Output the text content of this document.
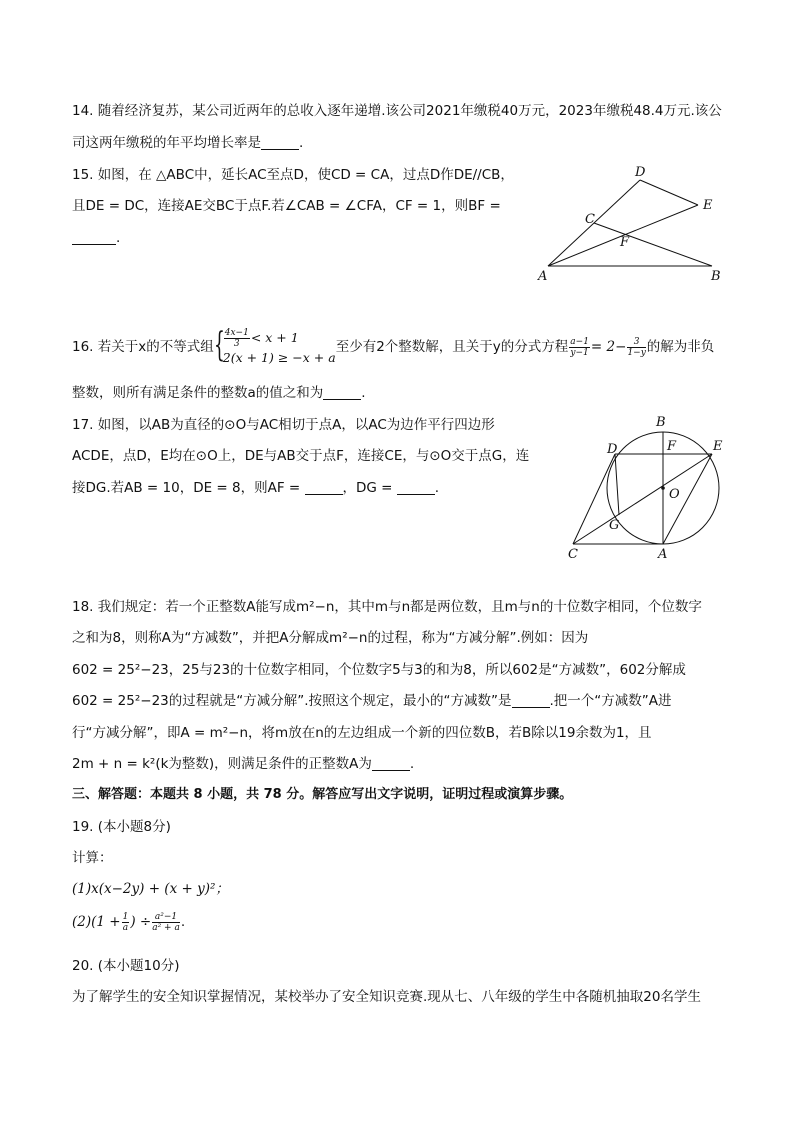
14. 随着经济复苏，某公司近两年的总收入逐年递增.该公司2021年缴税40万元，2023年缴税48.4万元.该公
司这两年缴税的年平均增长率是	.
15. 如图，在 △ABC中，延长AC至点D，使CD = CA，过点D作DE//CB，
且DE = DC，连接AE交BC于点F.若∠CAB = ∠CFA，CF = 1，则BF =
.
D
E
C
F
A	B
16. 若关于x的不等式组 { $\frac{4x-1}{3} < x + 1$
2(x + 1) ≥ −x + a
至少有2个整数解，且关于y的分式方程 $\frac{a-1}{y-1} = 2- \frac{3}{1-y}$ 的解为非负
整数，则所有满足条件的整数a的值之和为	.
17. 如图，以AB为直径的⊙O与AC相切于点A，以AC为边作平行四边形
ACDE，点D，E均在⊙O上，DE与AB交于点F，连接CE，与⊙O交于点G，连
接DG.若AB = 10，DE = 8，则AF =	，DG =	.
B
D	F	E
O
G
C	A
18. 我们规定：若一个正整数A能写成m²−n，其中m与n都是两位数，且m与n的十位数字相同，个位数字
之和为8，则称A为“方减数”，并把A分解成m²−n的过程，称为“方减分解”.例如：因为
602 = 25²−23，25与23的十位数字相同，个位数字5与3的和为8，所以602是“方减数”，602分解成
602 = 25²−23的过程就是“方减分解”.按照这个规定，最小的“方减数”是	.把一个“方减数”A进
行“方减分解”，即A = m²−n，将m放在n的左边组成一个新的四位数B，若B除以19余数为1，且
2m + n = k²(k为整数)，则满足条件的正整数A为	.
三、解答题：本题共 8 小题，共 78 分。解答应写出文字说明，证明过程或演算步骤。
19. (本小题8分)
计算：
(1)x(x−2y) + (x + y)²；
$(2)(1 + \frac{1}{a}$ ) ÷ $\frac{\text{a²−1}}{\text{a² + a}}$ .
20. (本小题10分)
为了解学生的安全知识掌握情况，某校举办了安全知识竞赛.现从七、八年级的学生中各随机抽取20名学生
